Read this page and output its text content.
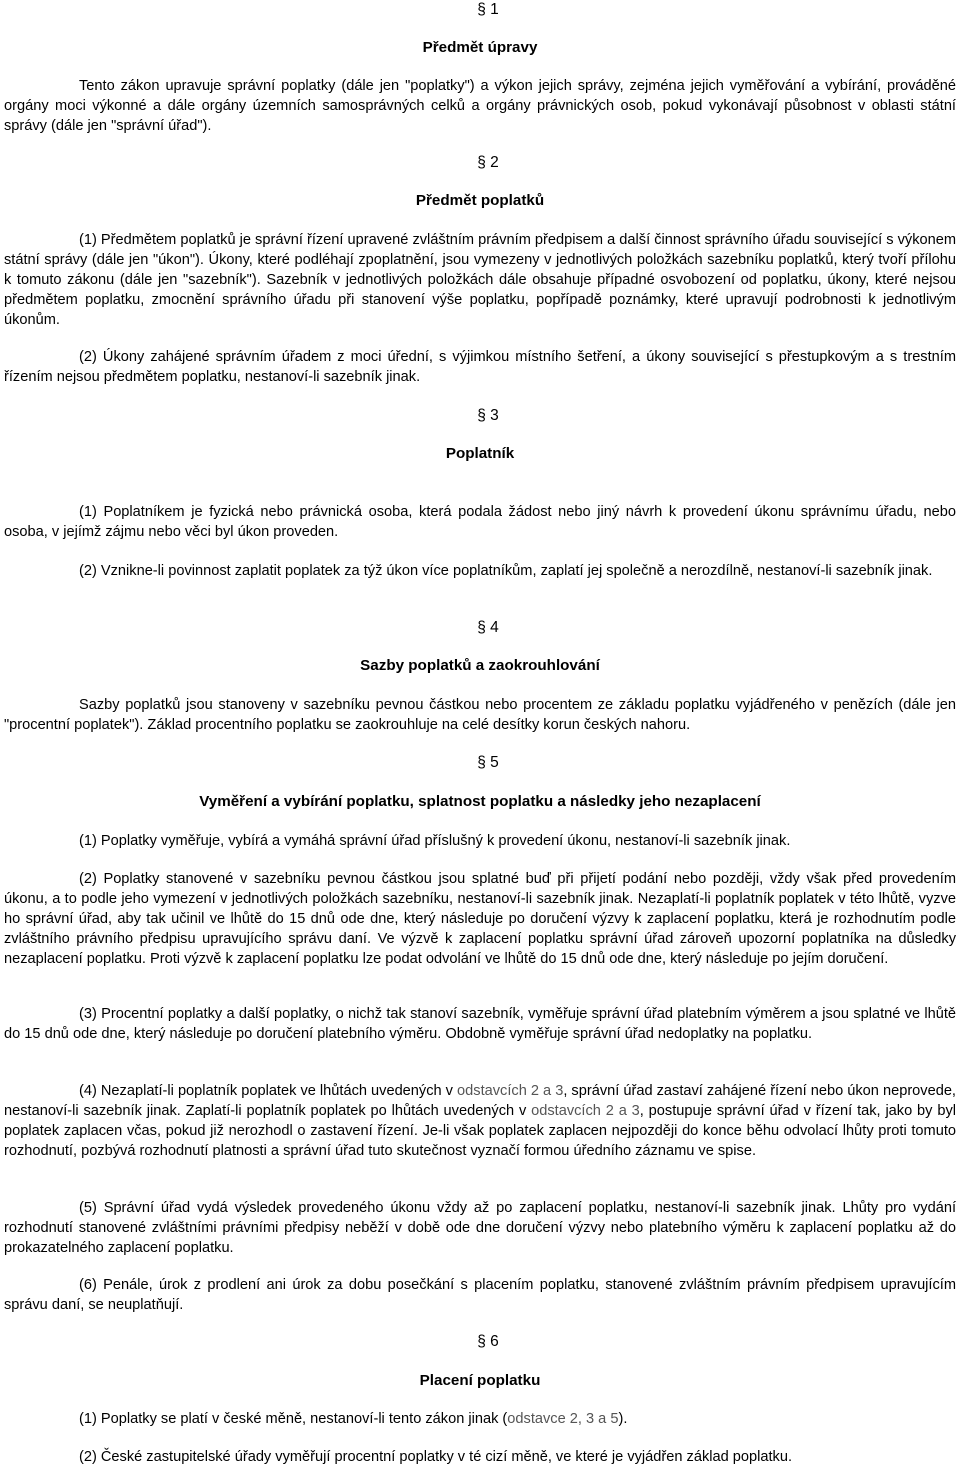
§ 1
Předmět úpravy

Tento zákon upravuje správní poplatky (dále jen "poplatky") a výkon jejich správy, zejména jejich vyměřování a vybírání, prováděné orgány moci výkonné a dále orgány územních samosprávných celků a orgány právnických osob, pokud vykonávají působnost v oblasti státní správy (dále jen "správní úřad").

§ 2
Předmět poplatků

(1) Předmětem poplatků je správní řízení upravené zvláštním právním předpisem a další činnost správního úřadu související s výkonem státní správy (dále jen "úkon"). Úkony, které podléhají zpoplatnění, jsou vymezeny v jednotlivých položkách sazebníku poplatků, který tvoří přílohu k tomuto zákonu (dále jen "sazebník"). Sazebník v jednotlivých položkách dále obsahuje případné osvobození od poplatku, úkony, které nejsou předmětem poplatku, zmocnění správního úřadu při stanovení výše poplatku, popřípadě poznámky, které upravují podrobnosti k jednotlivým úkonům.

(2) Úkony zahájené správním úřadem z moci úřední, s výjimkou místního šetření, a úkony související s přestupkovým a s trestním řízením nejsou předmětem poplatku, nestanoví-li sazebník jinak.

§ 3
Poplatník

(1) Poplatníkem je fyzická nebo právnická osoba, která podala žádost nebo jiný návrh k provedení úkonu správnímu úřadu, nebo osoba, v jejímž zájmu nebo věci byl úkon proveden.

(2) Vznikne-li povinnost zaplatit poplatek za týž úkon více poplatníkům, zaplatí jej společně a nerozdílně, nestanoví-li sazebník jinak.

§ 4
Sazby poplatků a zaokrouhlování

Sazby poplatků jsou stanoveny v sazebníku pevnou částkou nebo procentem ze základu poplatku vyjádřeného v penězích (dále jen "procentní poplatek"). Základ procentního poplatku se zaokrouhluje na celé desítky korun českých nahoru.

§ 5
Vyměření a vybírání poplatku, splatnost poplatku a následky jeho nezaplacení

(1) Poplatky vyměřuje, vybírá a vymáhá správní úřad příslušný k provedení úkonu, nestanoví-li sazebník jinak.

(2) Poplatky stanovené v sazebníku pevnou částkou jsou splatné buď při přijetí podání nebo později, vždy však před provedením úkonu, a to podle jeho vymezení v jednotlivých položkách sazebníku, nestanoví-li sazebník jinak. Nezaplatí-li poplatník poplatek v této lhůtě, vyzve ho správní úřad, aby tak učinil ve lhůtě do 15 dnů ode dne, který následuje po doručení výzvy k zaplacení poplatku, která je rozhodnutím podle zvláštního právního předpisu upravujícího správu daní. Ve výzvě k zaplacení poplatku správní úřad zároveň upozorní poplatníka na důsledky nezaplacení poplatku. Proti výzvě k zaplacení poplatku lze podat odvolání ve lhůtě do 15 dnů ode dne, který následuje po jejím doručení.

(3) Procentní poplatky a další poplatky, o nichž tak stanoví sazebník, vyměřuje správní úřad platebním výměrem a jsou splatné ve lhůtě do 15 dnů ode dne, který následuje po doručení platebního výměru. Obdobně vyměřuje správní úřad nedoplatky na poplatku.

(4) Nezaplatí-li poplatník poplatek ve lhůtách uvedených v odstavcích 2 a 3, správní úřad zastaví zahájené řízení nebo úkon neprovede, nestanoví-li sazebník jinak. Zaplatí-li poplatník poplatek po lhůtách uvedených v odstavcích 2 a 3, postupuje správní úřad v řízení tak, jako by byl poplatek zaplacen včas, pokud již nerozhodl o zastavení řízení. Je-li však poplatek zaplacen nejpozději do konce běhu odvolací lhůty proti tomuto rozhodnutí, pozbývá rozhodnutí platnosti a správní úřad tuto skutečnost vyznačí formou úředního záznamu ve spise.

(5) Správní úřad vydá výsledek provedeného úkonu vždy až po zaplacení poplatku, nestanoví-li sazebník jinak. Lhůty pro vydání rozhodnutí stanovené zvláštními právními předpisy neběží v době ode dne doručení výzvy nebo platebního výměru k zaplacení poplatku až do prokazatelného zaplacení poplatku.

(6) Penále, úrok z prodlení ani úrok za dobu posečkání s placením poplatku, stanovené zvláštním právním předpisem upravujícím správu daní, se neuplatňují.

§ 6
Placení poplatku

(1) Poplatky se platí v české měně, nestanoví-li tento zákon jinak (odstavce 2, 3 a 5).

(2) České zastupitelské úřady vyměřují procentní poplatky v té cizí měně, ve které je vyjádřen základ poplatku.
